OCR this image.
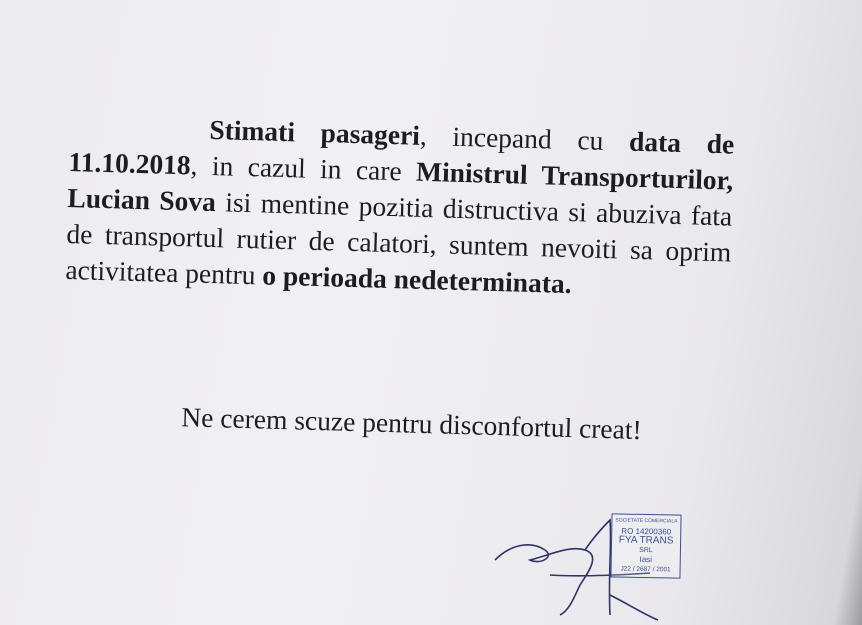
Stimati pasageri, incepand cu data de 11.10.2018, in cazul in care Ministrul Transporturilor, Lucian Sova isi mentine pozitia distructiva si abuziva fata de transportul rutier de calatori, suntem nevoiti sa oprim activitatea pentru o perioada nedeterminata.

Ne cerem scuze pentru disconfortul creat!
SOCIETATE COMERCIALA
RO 14200360
FYA TRANS
SRL
Iasi
J22 / 2687 / 2001
